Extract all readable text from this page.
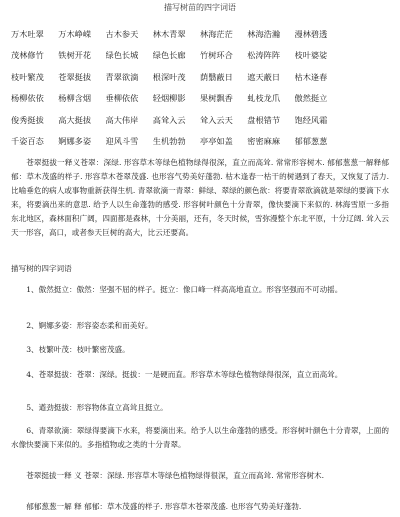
描写树苗的四字词语
万木吐翠	万木峥嵘	古木参天	林木青翠	林海茫茫	林海浩瀚	漫林碧透
茂林修竹	铁树开花	绿色长城	绿色长廊	竹树环合	松涛阵阵	枝叶婆娑
枝叶繁茂	苍翠挺拔	青翠欲滴	根深叶茂	荫翳蔽日	遮天蔽日	枯木逢春
杨柳依依	杨柳含烟	垂柳依依	轻烟柳影	果树飘香	虬枝龙爪	傲然挺立
俊秀挺拔	高大挺拔	高大伟岸	高耸入云	耸入云天	盘根错节	饱经风霜
千姿百态	婀娜多姿	迎风斗雪	生机勃勃	亭亭如盖	密密麻麻	郁郁葱葱

苍翠挺拔一释义苍翠：深绿. 形容草木等绿色植物绿得很深，直立而高耸. 常常形容树木. 郁郁葱葱一解释郁郁：草木茂盛的样子. 形容草木苍翠茂盛. 也形容气势美好蓬勃. 枯木逢春一枯干的树遇到了春天，又恢复了活力. 比喻垂危的病人或事物重新获得生机. 青翠欲滴一青翠：鲜绿、翠绿的颜色欲：将要青翠欲滴就是翠绿的要滴下水来，将要滴出来的意思. 给予人以生命蓬勃的感受. 形容树叶颜色十分青翠，像快要滴下来似的. 林海雪原一多指东北地区，森林面积广阔，四面都是森林，十分美丽，还有，冬天时候，雪弥漫整个东北平原，十分辽阔. 耸入云天一形容，高口，或者参天巨树的高大，比云还要高。

描写树的四字词语

1、傲然挺立：傲然：坚强不屈的样子。挺立：像口峰一样高高地直立。形容坚强而不可动摇。

2、婀娜多姿：形容姿态柔和而美好。

3、枝繁叶茂：枝叶繁密茂盛。

4、苍翠挺拔：苍翠：深绿。挺拔：一是硬而直。形容草木等绿色植物绿得很深，直立而高耸。

5、遒劲挺拔：形容物体直立高耸且挺立。

6、青翠欲滴：翠绿得要滴下水来，将要滴出来。给予人以生命蓬勃的感受。形容树叶颜色十分青翠，上面的水像快要滴下来似的。多指植物或之类的十分青翠。

苍翠挺拔一释 义 苍翠：深绿. 形容草木等绿色植物绿得很深，直立而高耸. 常常形容树木.

郁郁葱葱一解 释 郁郁：草木茂盛的样子. 形容草木苍翠茂盛. 也形容气势美好蓬勃.
